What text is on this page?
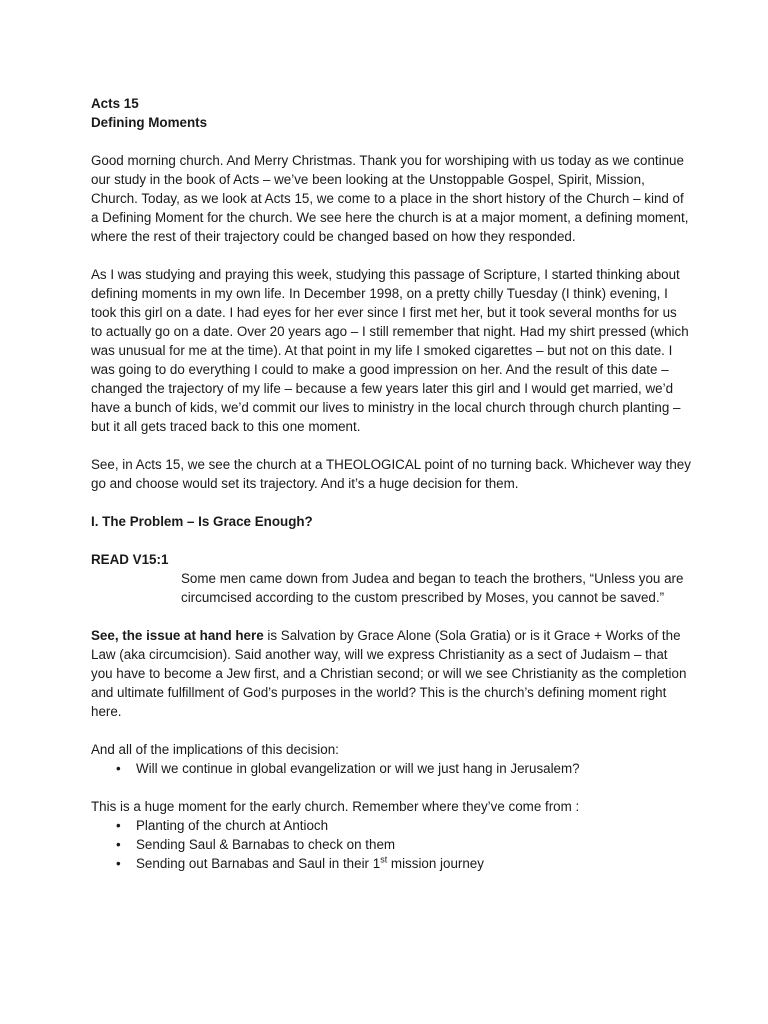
Acts 15

Defining Moments

Good morning church. And Merry Christmas. Thank you for worshiping with us today as we continue our study in the book of Acts – we’ve been looking at the Unstoppable Gospel, Spirit, Mission, Church. Today, as we look at Acts 15, we come to a place in the short history of the Church – kind of a Defining Moment for the church. We see here the church is at a major moment, a defining moment, where the rest of their trajectory could be changed based on how they responded.

As I was studying and praying this week, studying this passage of Scripture, I started thinking about defining moments in my own life. In December 1998, on a pretty chilly Tuesday (I think) evening, I took this girl on a date. I had eyes for her ever since I first met her, but it took several months for us to actually go on a date. Over 20 years ago – I still remember that night. Had my shirt pressed (which was unusual for me at the time). At that point in my life I smoked cigarettes – but not on this date. I was going to do everything I could to make a good impression on her. And the result of this date – changed the trajectory of my life – because a few years later this girl and I would get married, we’d have a bunch of kids, we’d commit our lives to ministry in the local church through church planting – but it all gets traced back to this one moment.

See, in Acts 15, we see the church at a THEOLOGICAL point of no turning back. Whichever way they go and choose would set its trajectory. And it’s a huge decision for them.

I. The Problem – Is Grace Enough?

READ V15:1

Some men came down from Judea and began to teach the brothers, “Unless you are circumcised according to the custom prescribed by Moses, you cannot be saved.”

See, the issue at hand here is Salvation by Grace Alone (Sola Gratia) or is it Grace + Works of the Law (aka circumcision). Said another way, will we express Christianity as a sect of Judaism – that you have to become a Jew first, and a Christian second; or will we see Christianity as the completion and ultimate fulfillment of God’s purposes in the world? This is the church’s defining moment right here.

And all of the implications of this decision:

• Will we continue in global evangelization or will we just hang in Jerusalem?

This is a huge moment for the early church. Remember where they’ve come from :

• Planting of the church at Antioch
• Sending Saul & Barnabas to check on them
• Sending out Barnabas and Saul in their 1st mission journey
